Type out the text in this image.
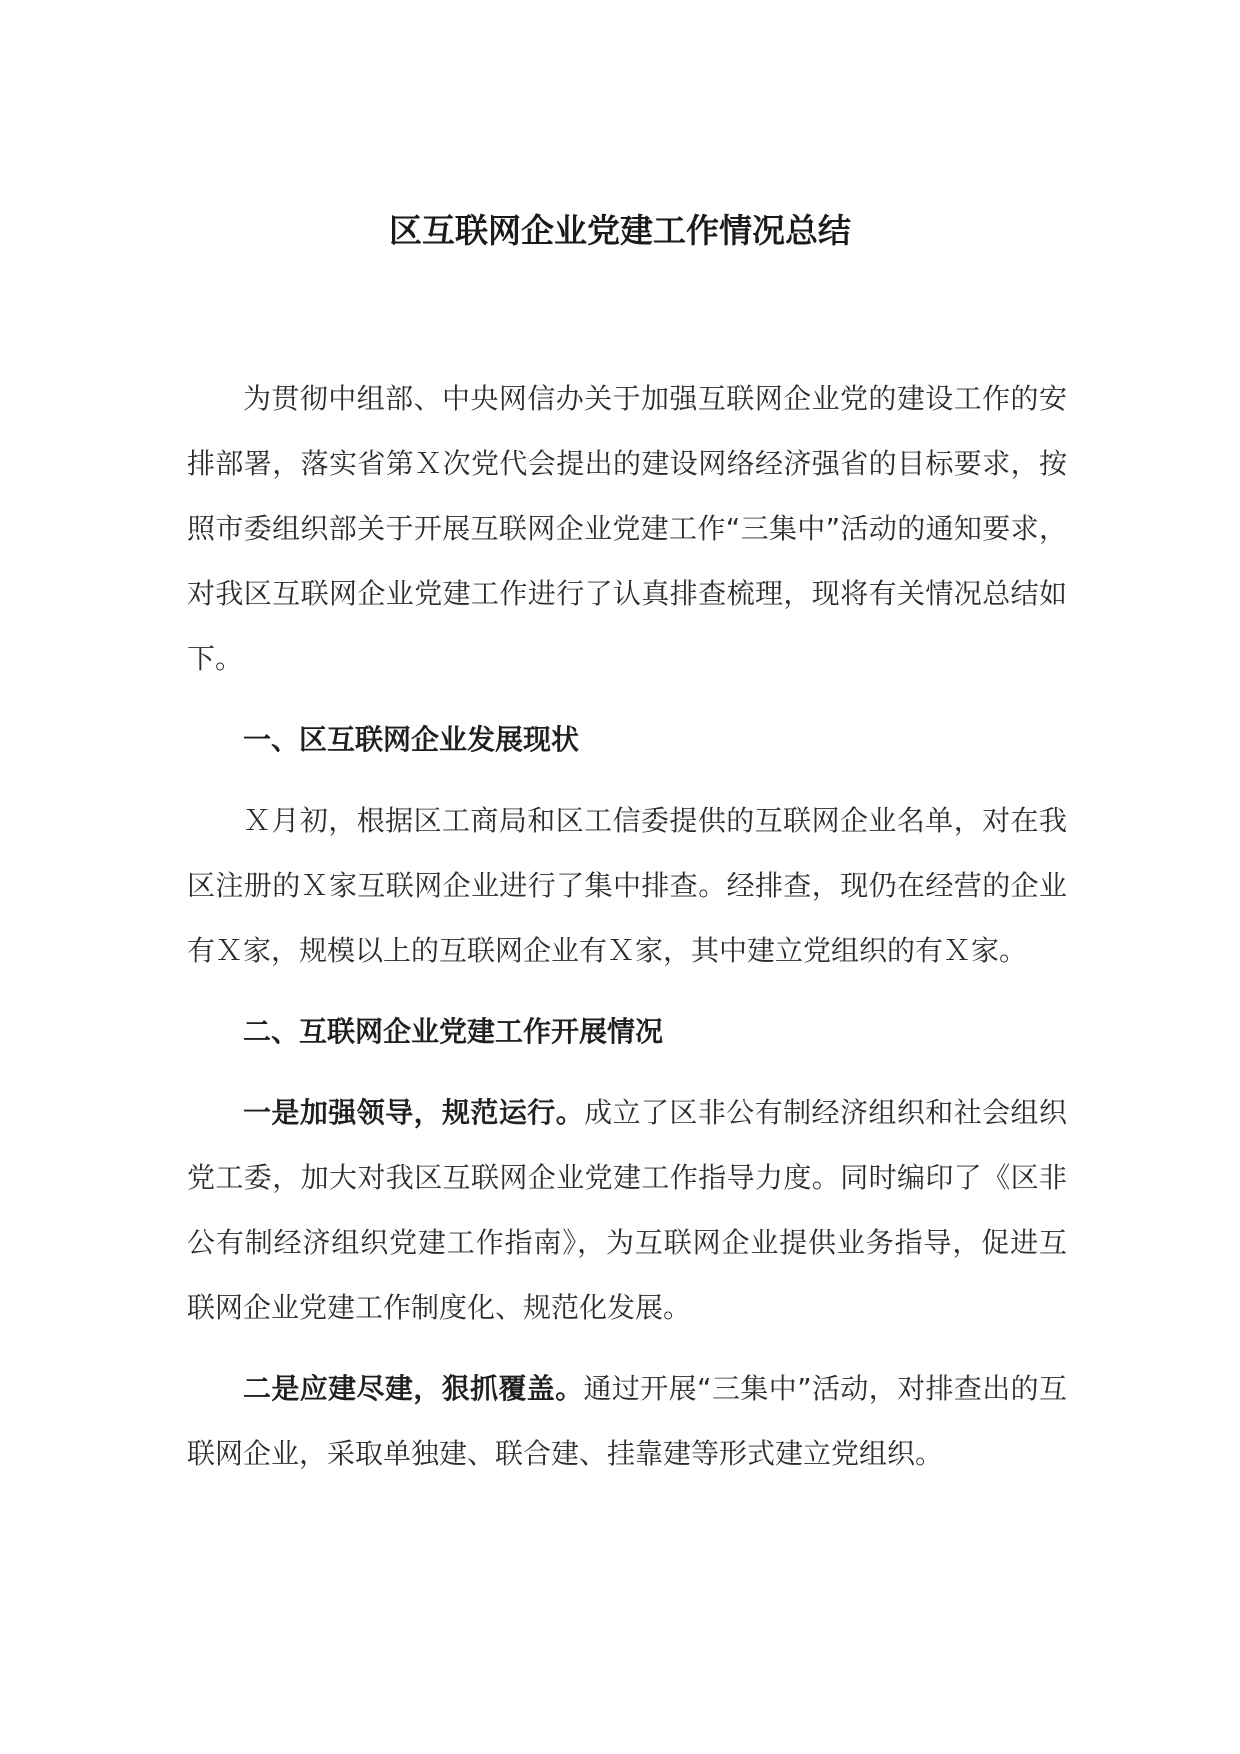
区互联网企业党建工作情况总结

为贯彻中组部、中央网信办关于加强互联网企业党的建设工作的安排部署，落实省第Ｘ次党代会提出的建设网络经济强省的目标要求，按照市委组织部关于开展互联网企业党建工作“三集中”活动的通知要求，对我区互联网企业党建工作进行了认真排查梳理，现将有关情况总结如下。

一、区互联网企业发展现状

Ｘ月初，根据区工商局和区工信委提供的互联网企业名单，对在我区注册的Ｘ家互联网企业进行了集中排查。经排查，现仍在经营的企业有Ｘ家，规模以上的互联网企业有Ｘ家，其中建立党组织的有Ｘ家。

二、互联网企业党建工作开展情况

一是加强领导，规范运行。成立了区非公有制经济组织和社会组织党工委，加大对我区互联网企业党建工作指导力度。同时编印了《区非公有制经济组织党建工作指南》，为互联网企业提供业务指导，促进互联网企业党建工作制度化、规范化发展。

二是应建尽建，狠抓覆盖。通过开展“三集中”活动，对排查出的互联网企业，采取单独建、联合建、挂靠建等形式建立党组织。
